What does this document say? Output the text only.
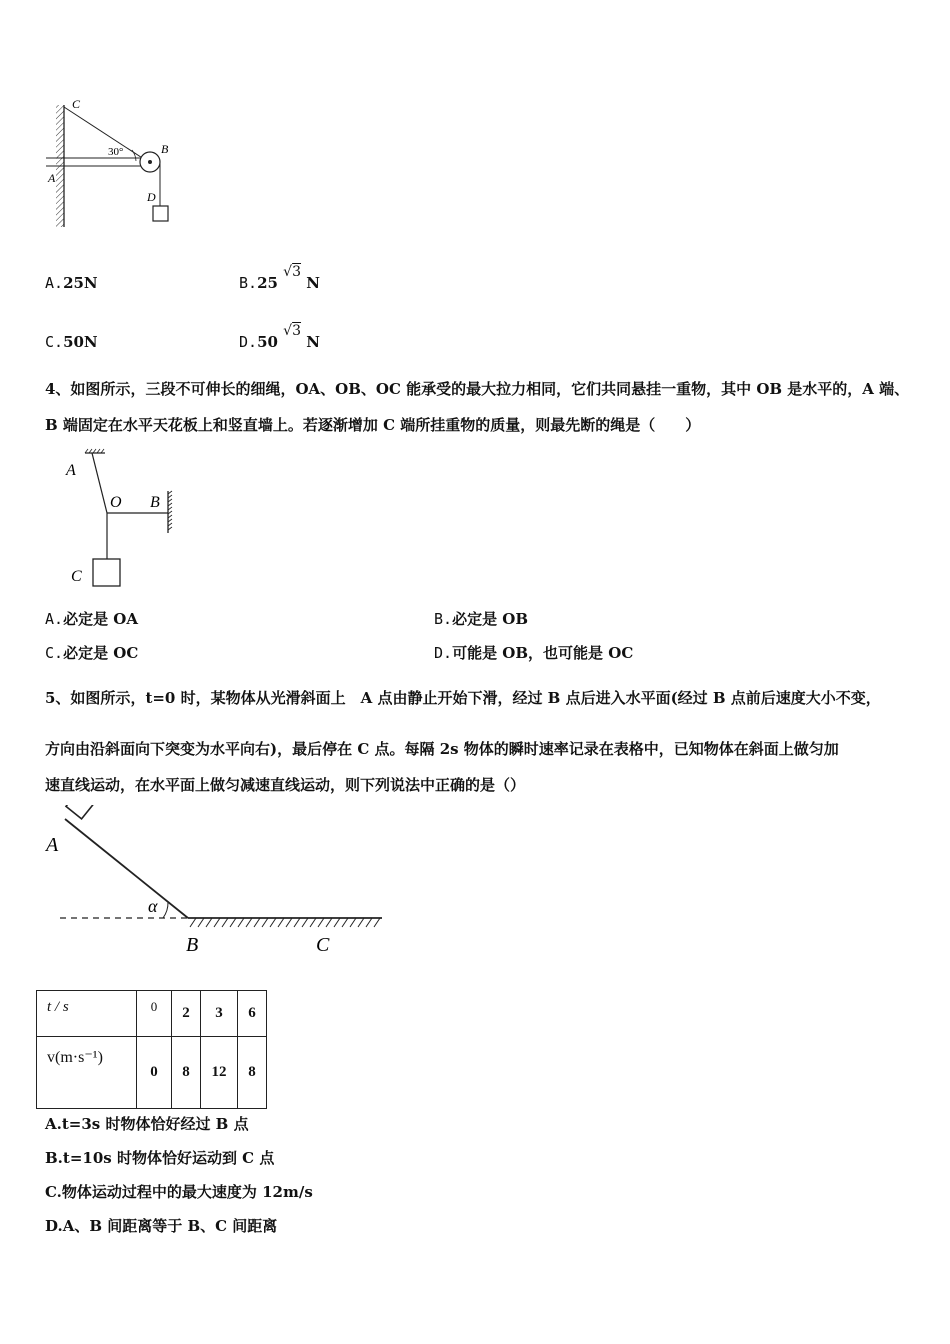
C
30°	B
A
D
A.25N	B.25 √3 N
C.50N	D.50 √3 N
4、如图所示，三段不可伸长的细绳，OA、OB、OC 能承受的最大拉力相同，它们共同悬挂一重物，其中 OB 是水平的，A 端、
B 端固定在水平天花板上和竖直墙上。若逐渐增加 C 端所挂重物的质量，则最先断的绳是（　　）
A
O B
C
A.必定是 OA	B.必定是 OB
C.必定是 OC	D.可能是 OB，也可能是 OC
5、如图所示，t=0 时，某物体从光滑斜面上　A 点由静止开始下滑，经过 B 点后进入水平面(经过 B 点前后速度大小不变，
方向由沿斜面向下突变为水平向右)，最后停在 C 点。每隔 2s 物体的瞬时速率记录在表格中，已知物体在斜面上做匀加
速直线运动，在水平面上做匀减速直线运动，则下列说法中正确的是（）
α
A
B	C
t / s	0	2	3	6
v(m·s⁻¹)	0	8	12	8
A.t=3s 时物体恰好经过 B 点
B.t=10s 时物体恰好运动到 C 点
C.物体运动过程中的最大速度为 12m/s
D.A、B 间距离等于 B、C 间距离
